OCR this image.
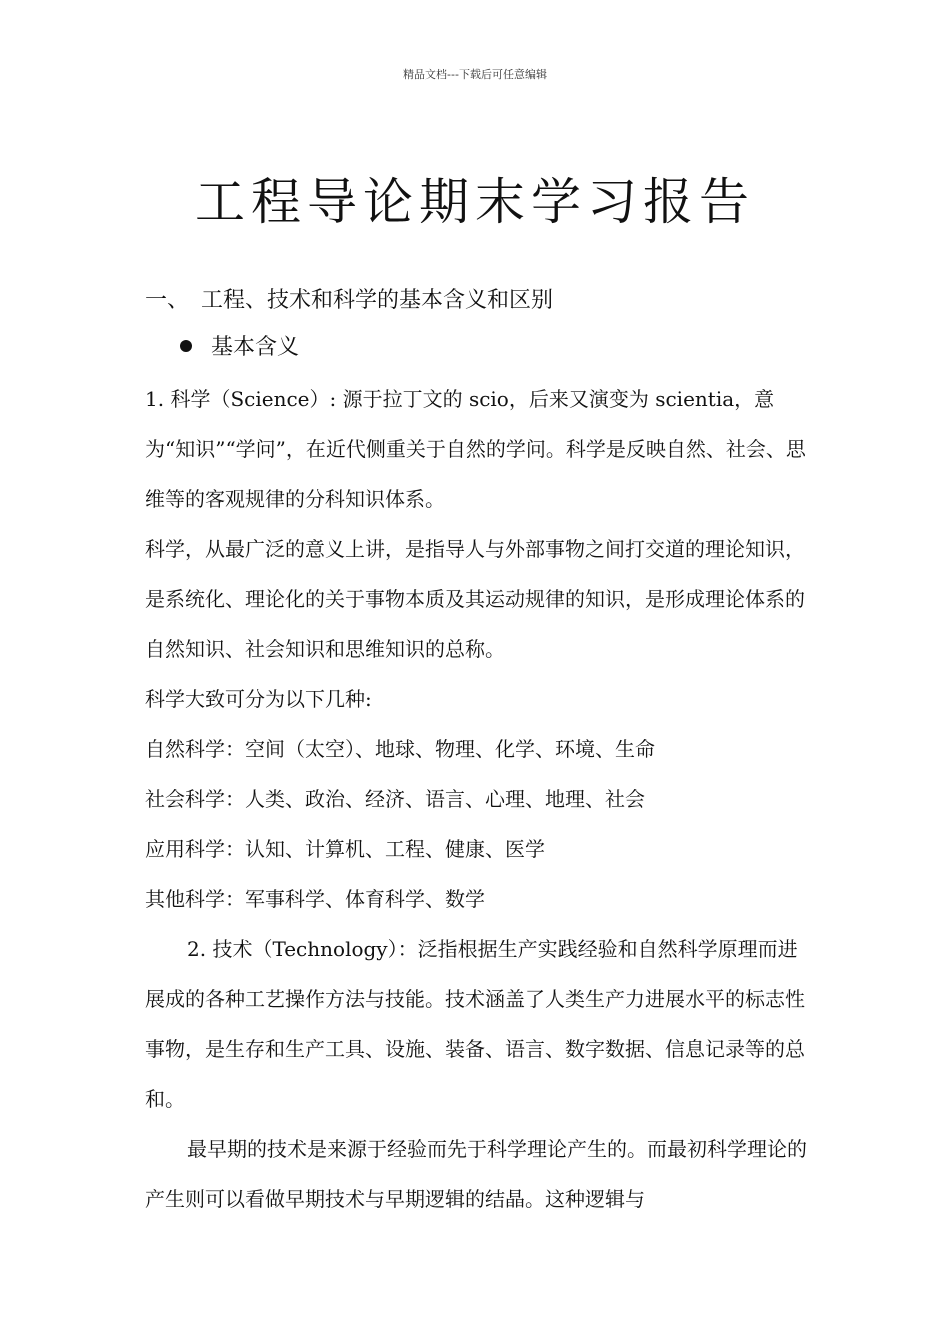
精品文档---下载后可任意编辑
工程导论期末学习报告
一、 工程、技术和科学的基本含义和区别
基本含义

1. 科学（Science）: 源于拉丁文的 scio，后来又演变为 scientia，意为“知识”“学问”，在近代侧重关于自然的学问。科学是反映自然、社会、思维等的客观规律的分科知识体系。

科学，从最广泛的意义上讲，是指导人与外部事物之间打交道的理论知识，是系统化、理论化的关于事物本质及其运动规律的知识，是形成理论体系的自然知识、社会知识和思维知识的总称。

科学大致可分为以下几种:
自然科学：空间（太空）、地球、物理、化学、环境、生命
社会科学：人类、政治、经济、语言、心理、地理、社会
应用科学：认知、计算机、工程、健康、医学
其他科学：军事科学、体育科学、数学

2. 技术（Technology）：泛指根据生产实践经验和自然科学原理而进展成的各种工艺操作方法与技能。技术涵盖了人类生产力进展水平的标志性事物，是生存和生产工具、设施、装备、语言、数字数据、信息记录等的总和。

最早期的技术是来源于经验而先于科学理论产生的。而最初科学理论的产生则可以看做早期技术与早期逻辑的结晶。这种逻辑与
